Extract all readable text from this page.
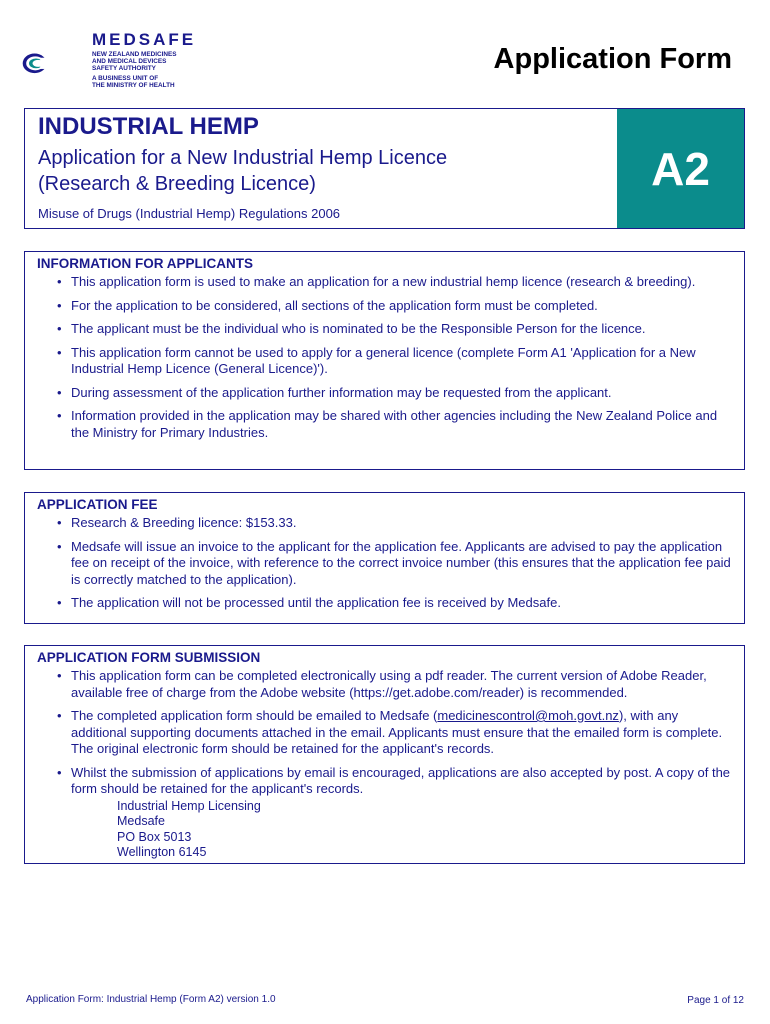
MEDSAFE
NEW ZEALAND MEDICINES
AND MEDICAL DEVICES
SAFETY AUTHORITY
A BUSINESS UNIT OF
THE MINISTRY OF HEALTH
Application Form
INDUSTRIAL HEMP
Application for a New Industrial Hemp Licence
(Research & Breeding Licence)
Misuse of Drugs (Industrial Hemp) Regulations 2006
A2
INFORMATION FOR APPLICANTS
• This application form is used to make an application for a new industrial hemp licence (research & breeding).
• For the application to be considered, all sections of the application form must be completed.
• The applicant must be the individual who is nominated to be the Responsible Person for the licence.
• This application form cannot be used to apply for a general licence (complete Form A1 'Application for a New Industrial Hemp Licence (General Licence)').
• During assessment of the application further information may be requested from the applicant.
• Information provided in the application may be shared with other agencies including the New Zealand Police and the Ministry for Primary Industries.
APPLICATION FEE
• Research & Breeding licence: $153.33.
• Medsafe will issue an invoice to the applicant for the application fee. Applicants are advised to pay the application fee on receipt of the invoice, with reference to the correct invoice number (this ensures that the application fee paid is correctly matched to the application).
• The application will not be processed until the application fee is received by Medsafe.
APPLICATION FORM SUBMISSION
• This application form can be completed electronically using a pdf reader. The current version of Adobe Reader, available free of charge from the Adobe website (https://get.adobe.com/reader) is recommended.
• The completed application form should be emailed to Medsafe (medicinescontrol@moh.govt.nz), with any additional supporting documents attached in the email. Applicants must ensure that the emailed form is complete. The original electronic form should be retained for the applicant's records.
• Whilst the submission of applications by email is encouraged, applications are also accepted by post. A copy of the form should be retained for the applicant's records.
Industrial Hemp Licensing
Medsafe
PO Box 5013
Wellington 6145
Application Form: Industrial Hemp (Form A2) version 1.0	Page 1 of 12
